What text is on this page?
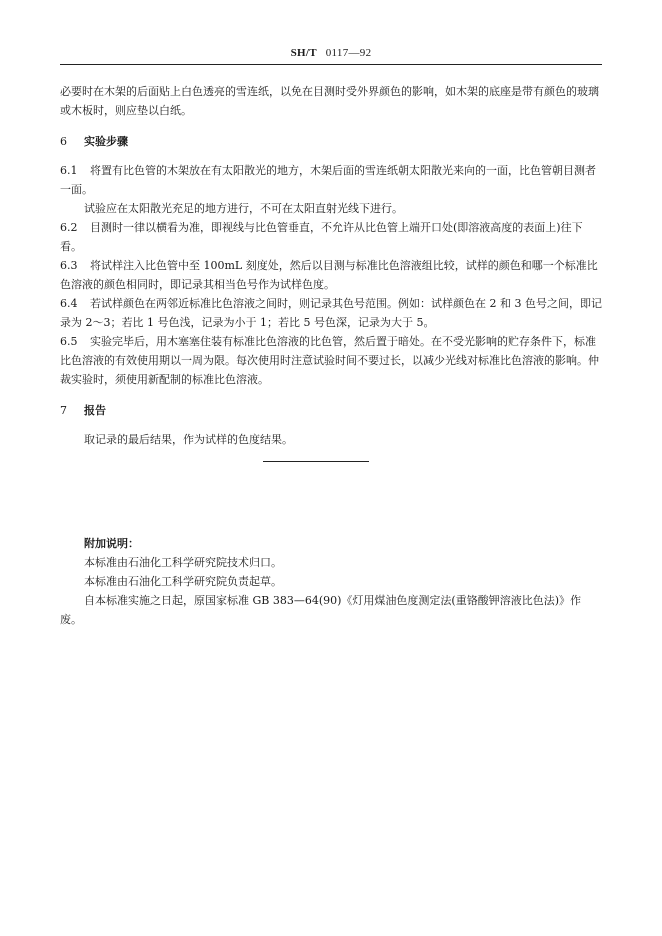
SH/T 0117—92

必要时在木架的后面贴上白色透亮的雪连纸，以免在目测时受外界颜色的影响，如木架的底座是带有颜色的玻璃或木板时，则应垫以白纸。

6 实验步骤

6.1 将置有比色管的木架放在有太阳散光的地方，木架后面的雪连纸朝太阳散光来向的一面，比色管朝目测者一面。

试验应在太阳散光充足的地方进行，不可在太阳直射光线下进行。

6.2 目测时一律以横看为准，即视线与比色管垂直，不允许从比色管上端开口处(即溶液高度的表面上)往下看。

6.3 将试样注入比色管中至 100mL 刻度处，然后以目测与标准比色溶液组比较，试样的颜色和哪一个标准比色溶液的颜色相同时，即记录其相当色号作为试样色度。

6.4 若试样颜色在两邻近标准比色溶液之间时，则记录其色号范围。例如：试样颜色在 2 和 3 色号之间，即记录为 2～3；若比 1 号色浅，记录为小于 1；若比 5 号色深，记录为大于 5。

6.5 实验完毕后，用木塞塞住装有标准比色溶液的比色管，然后置于暗处。在不受光影响的贮存条件下，标准比色溶液的有效使用期以一周为限。每次使用时注意试验时间不要过长，以减少光线对标准比色溶液的影响。仲裁实验时，须使用新配制的标准比色溶液。

7 报告

取记录的最后结果，作为试样的色度结果。

附加说明：

本标准由石油化工科学研究院技术归口。

本标准由石油化工科学研究院负责起草。

自本标准实施之日起，原国家标准 GB 383—64(90)《灯用煤油色度测定法(重铬酸钾溶液比色法)》作废。
